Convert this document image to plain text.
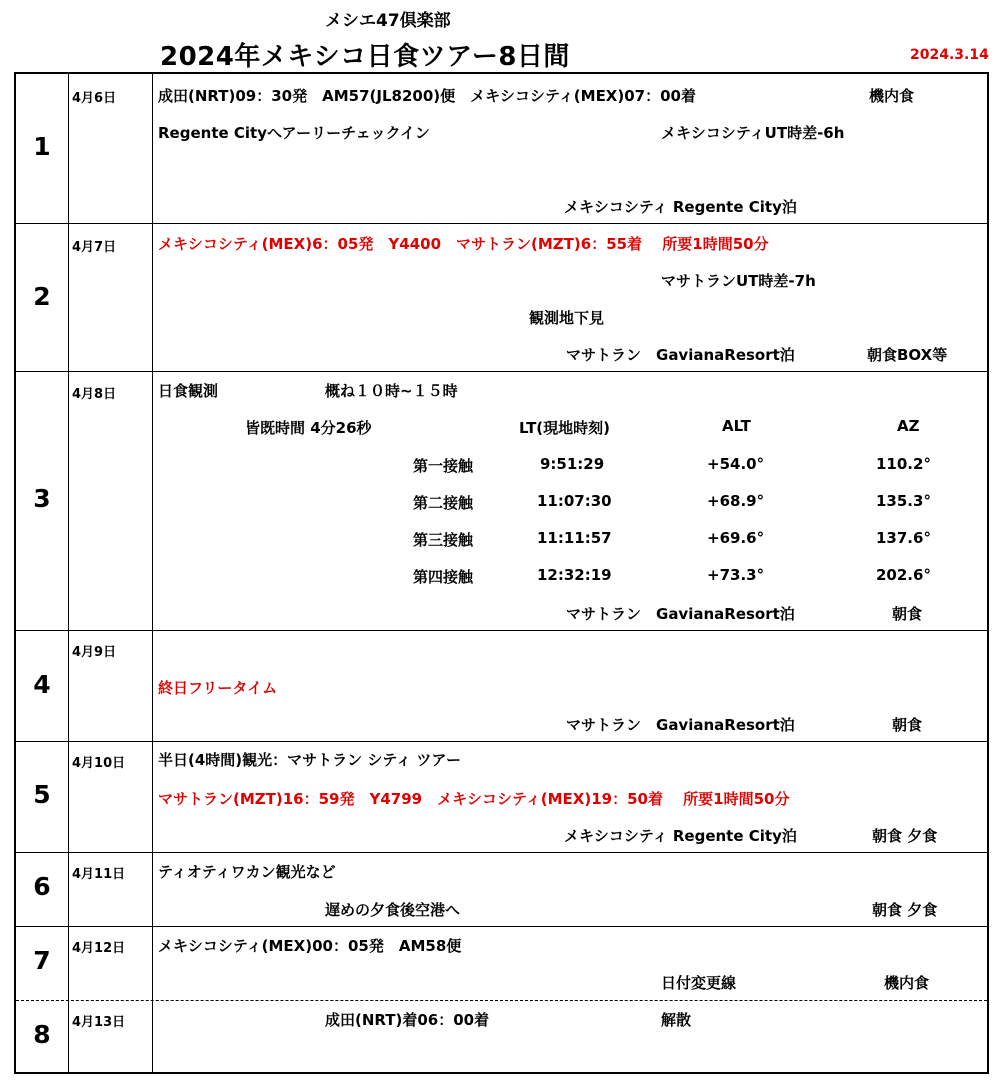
メシエ47倶楽部
2024年メキシコ日食ツアー8日間	2024.3.14
1
4月6日	成田(NRT)09：30発　AM57(JL8200)便　メキシコシティ(MEX)07：00着	機内食
Regente Cityへアーリーチェックイン	メキシコシティUT時差-6h
メキシコシティ Regente City泊
2
4月7日	メキシコシティ(MEX)6：05発　Y4400　マサトラン(MZT)6：55着　 所要1時間50分
マサトランUT時差-7h
観測地下見
マサトラン　GavianaResort泊	朝食BOX等
3
4月8日	日食観測	概ね１０時~１５時
皆既時間 4分26秒	LT(現地時刻)	ALT	AZ
第一接触	9:51:29	+54.0°	110.2°
第二接触	11:07:30	+68.9°	135.3°
第三接触	11:11:57	+69.6°	137.6°
第四接触	12:32:19	+73.3°	202.6°
マサトラン　GavianaResort泊	朝食
4
4月9日
終日フリータイム
マサトラン　GavianaResort泊	朝食
5
4月10日 半日(4時間)観光：マサトラン シティ ツアー
マサトラン(MZT)16：59発　Y4799　メキシコシティ(MEX)19：50着　 所要1時間50分
メキシコシティ Regente City泊	朝食 夕食
6	4月11日 ティオティワカン観光など
遅めの夕食後空港へ	朝食 夕食
7	4月12日 メキシコシティ(MEX)00：05発　AM58便
日付変更線	機内食
8	4月13日	成田(NRT)着06：00着	解散
